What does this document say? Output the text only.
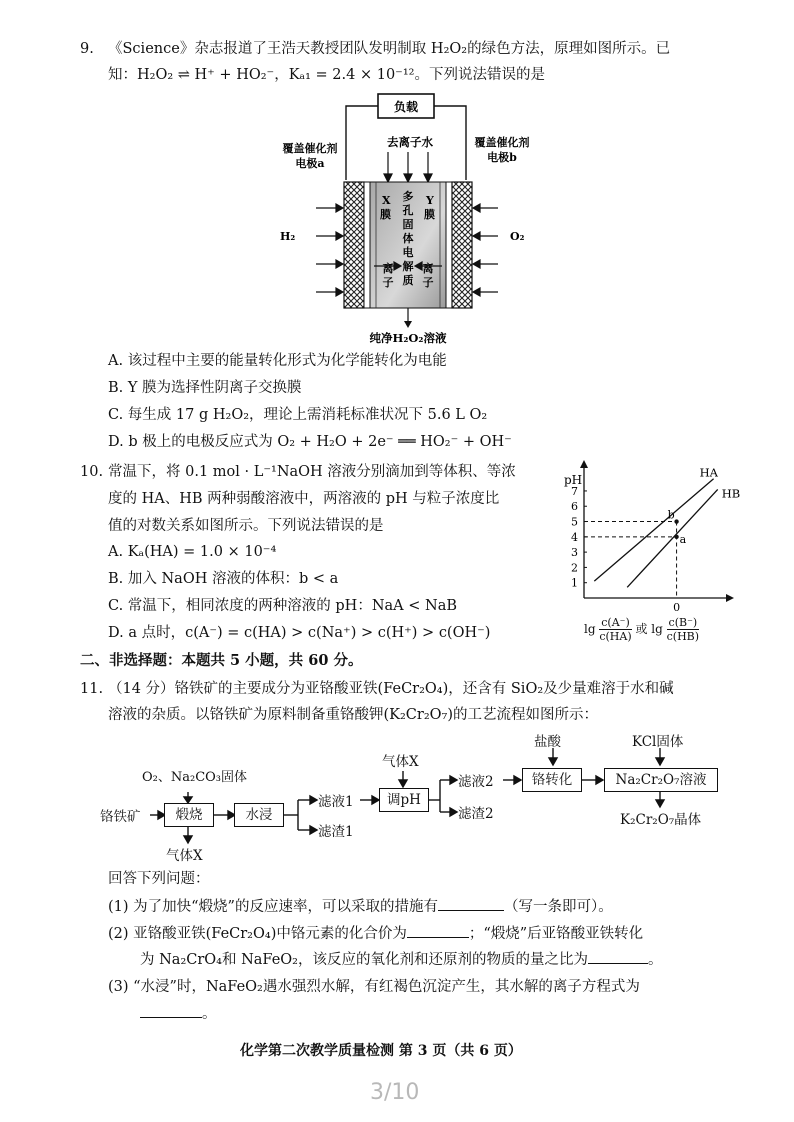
9. 《Science》杂志报道了王浩天教授团队发明制取 H₂O₂的绿色方法，原理如图所示。已
知：H₂O₂ ⇌ H⁺ + HO₂⁻，Kₐ₁ = 2.4 × 10⁻¹²。下列说法错误的是
负载
去离子水
覆盖催化剂
电极a
覆盖催化剂
电极b
X
膜
Y
膜
多
孔
固
体
电
解
质
离
子
离
子
H₂	O₂
纯净H₂O₂溶液
A. 该过程中主要的能量转化形式为化学能转化为电能
B. Y 膜为选择性阴离子交换膜
C. 每生成 17 g H₂O₂，理论上需消耗标准状况下 5.6 L O₂
D. b 极上的电极反应式为 O₂ + H₂O + 2e⁻ ══ HO₂⁻ + OH⁻
10. 常温下，将 0.1 mol · L⁻¹NaOH 溶液分别滴加到等体积、等浓
度的 HA、HB 两种弱酸溶液中，两溶液的 pH 与粒子浓度比
值的对数关系如图所示。下列说法错误的是
A. Kₐ(HA) = 1.0 × 10⁻⁴
B. 加入 NaOH 溶液的体积：b < a
C. 常温下，相同浓度的两种溶液的 pH：NaA < NaB
D. a 点时，c(A⁻) = c(HA) > c(Na⁺) > c(H⁺) > c(OH⁻)
pH
1
2
3
4
5
6
7
0
HA
HB
a
b
$\lg \frac{c(A^-)}{c(HA)}$ 或 $\lg \frac{c(B^-)}{c(HB)}$
二、非选择题：本题共 5 小题，共 60 分。
11. （14 分）铬铁矿的主要成分为亚铬酸亚铁(FeCr₂O₄)，还含有 SiO₂及少量难溶于水和碱
溶液的杂质。以铬铁矿为原料制备重铬酸钾(K₂Cr₂O₇)的工艺流程如图所示：
O₂、Na₂CO₃固体
铬铁矿	煅烧
气体X
水浸
滤液1
滤渣1
气体X
调pH
滤液2
滤渣2
盐酸
铬转化
KCl固体
Na₂Cr₂O₇溶液
K₂Cr₂O₇晶体
回答下列问题：
(1) 为了加快“煅烧”的反应速率，可以采取的措施有	（写一条即可）。
(2) 亚铬酸亚铁(FeCr₂O₄)中铬元素的化合价为	；“煅烧”后亚铬酸亚铁转化
为 Na₂CrO₄和 NaFeO₂，该反应的氧化剂和还原剂的物质的量之比为	。
(3) “水浸”时，NaFeO₂遇水强烈水解，有红褐色沉淀产生，其水解的离子方程式为
。
化学第二次教学质量检测 第 3 页（共 6 页）
3/10
